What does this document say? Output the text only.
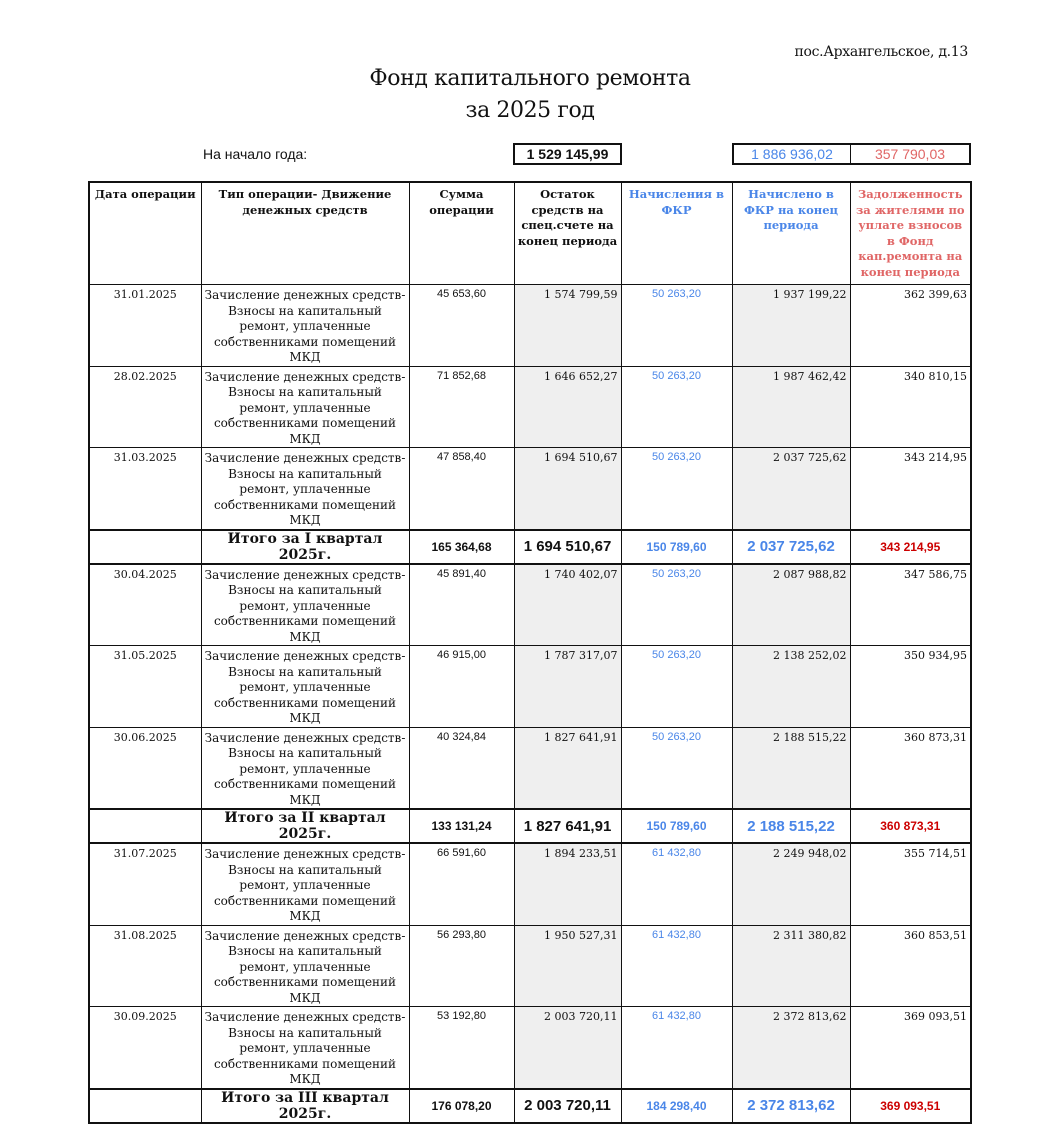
пос.Архангельское, д.13
Фонд капитального ремонта
за 2025 год
На начало года:	1 529 145,99	1 886 936,02	357 790,03
Дата операции	Тип операции- Движение денежных средств	Сумма операции	Остаток средств на спец.счете на конец периода	Начисления в ФКР	Начислено в ФКР на конец периода	Задолженность за жителями по уплате взносов в Фонд кап.ремонта на конец периода
31.01.2025	Зачисление денежных средств-Взносы на капитальный ремонт, уплаченные собственниками помещений МКД	45 653,60	1 574 799,59	50 263,20	1 937 199,22	362 399,63
28.02.2025	Зачисление денежных средств-Взносы на капитальный ремонт, уплаченные собственниками помещений МКД	71 852,68	1 646 652,27	50 263,20	1 987 462,42	340 810,15
31.03.2025	Зачисление денежных средств-Взносы на капитальный ремонт, уплаченные собственниками помещений МКД	47 858,40	1 694 510,67	50 263,20	2 037 725,62	343 214,95
	Итого за I квартал 2025г.	165 364,68	1 694 510,67	150 789,60	2 037 725,62	343 214,95
30.04.2025	Зачисление денежных средств-Взносы на капитальный ремонт, уплаченные собственниками помещений МКД	45 891,40	1 740 402,07	50 263,20	2 087 988,82	347 586,75
31.05.2025	Зачисление денежных средств-Взносы на капитальный ремонт, уплаченные собственниками помещений МКД	46 915,00	1 787 317,07	50 263,20	2 138 252,02	350 934,95
30.06.2025	Зачисление денежных средств-Взносы на капитальный ремонт, уплаченные собственниками помещений МКД	40 324,84	1 827 641,91	50 263,20	2 188 515,22	360 873,31
	Итого за II квартал 2025г.	133 131,24	1 827 641,91	150 789,60	2 188 515,22	360 873,31
31.07.2025	Зачисление денежных средств-Взносы на капитальный ремонт, уплаченные собственниками помещений МКД	66 591,60	1 894 233,51	61 432,80	2 249 948,02	355 714,51
31.08.2025	Зачисление денежных средств-Взносы на капитальный ремонт, уплаченные собственниками помещений МКД	56 293,80	1 950 527,31	61 432,80	2 311 380,82	360 853,51
30.09.2025	Зачисление денежных средств-Взносы на капитальный ремонт, уплаченные собственниками помещений МКД	53 192,80	2 003 720,11	61 432,80	2 372 813,62	369 093,51
	Итого за III квартал 2025г.	176 078,20	2 003 720,11	184 298,40	2 372 813,62	369 093,51
